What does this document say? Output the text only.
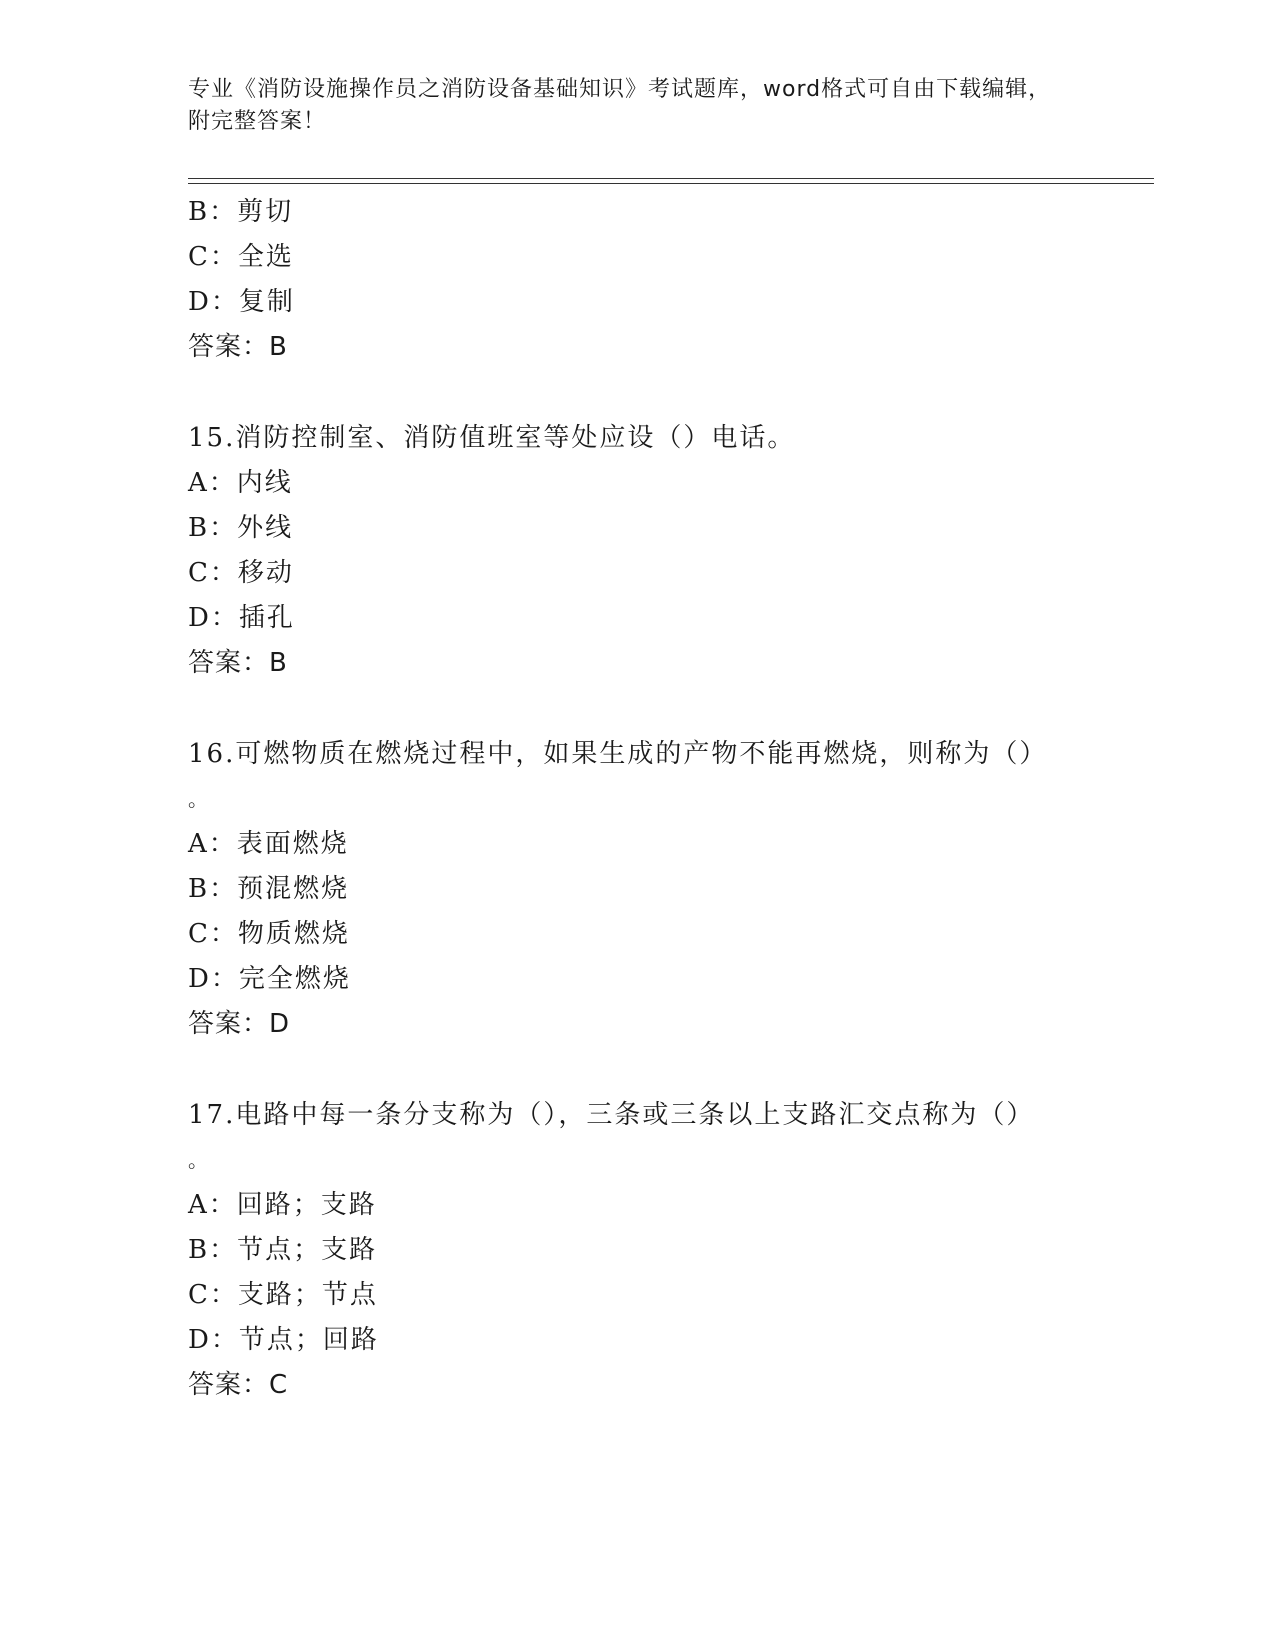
专业《消防设施操作员之消防设备基础知识》考试题库，word格式可自由下载编辑，附完整答案！
B：剪切
C：全选
D：复制
答案：B
15.消防控制室、消防值班室等处应设（）电话。
A：内线
B：外线
C：移动
D：插孔
答案：B
16.可燃物质在燃烧过程中，如果生成的产物不能再燃烧，则称为（）
。
A：表面燃烧
B：预混燃烧
C：物质燃烧
D：完全燃烧
答案：D
17.电路中每一条分支称为（），三条或三条以上支路汇交点称为（）
。
A：回路；支路
B：节点；支路
C：支路；节点
D：节点；回路
答案：C
